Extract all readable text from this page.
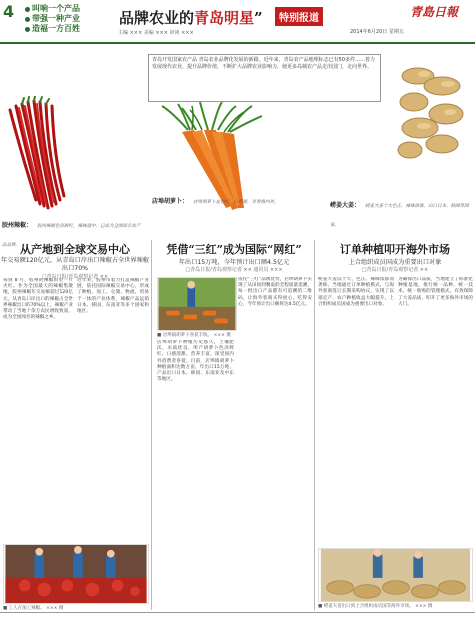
4 叫响一个产品
带强一种产业
造福一方百姓
品牌农业的青岛明星”	特别报道	青島日報
2014年6月20日 星期五
主编 ××× 美编 ××× 审读 ×××
青岛开发国家农产品 青岛农业品牌化发展的新路。近年来，青岛农产品地理标志已有50多件……着力发展现代农业，提升品牌价值，不断扩大品牌农业影响力，使更多岛城农产品走出国门，走向世界。
胶州辣椒： 胶州辣椒色泽鲜红，辣味适中，已成为全国知名农产品品牌。
店埠胡萝卜： 店埠胡萝卜皮色红、口感甜，享誉海内外。	崂姜大姜： 崂姜大姜个大色正、辣味浓郁，出口日本、韩国等国家。
从产地到全球交易中心
年交易额120亿元，从青岛口岸出口辣椒占全世界辣椒出口70%
□青岛日报/青岛观察记者 ××
凭借“三红”成为国际“网红”
年出口15万吨，今年预计出口额4.5亿元
□青岛日报/青岛观察记者 ×× 通讯员 ×××
订单种植叩开海外市场
上合组织成员国成为重要出口对象
□青岛日报/青岛观察记者 ××
每到 8 月，胶州的辣椒田里一片火红。作为全国最大的辣椒集散地，胶州辣椒年交易额超过120亿元，从青岛口岸出口的辣椒占全世界辣椒出口的70%以上。辣椒产业带动了当地十余万农民增收致富，成为全国闻名的辣椒之乡。
近年来，胶州市着力打造辣椒产业链，依托国际辣椒交易中心，形成了种植、加工、仓储、物流、贸易于一体的产业体系，辣椒产品远销日本、韩国、东南亚等多个国家和地区。
■ 工人在加工辣椒。 ××× 摄
■ 店埠镇胡萝卜喜获丰收。 ××× 摄
店埠胡萝卜种植历史悠久，土壤肥沃、水质优良，所产胡萝卜色泽鲜红、口感清甜、营养丰富，深受国内外消费者喜爱。目前，店埠镇胡萝卜种植面积达数万亩，年出口15万吨，产品出口日本、韩国、东南亚及中东等地区。
依托“三红”品牌优势，店埠胡萝卜实现了从田间到餐桌的全程质量追溯，每一批出口产品都有可追溯的二维码，让海外客商买得放心、吃得安心，今年预计出口额将达4.5亿元。
崂姜大姜以个大、色正、辣味浓郁而著称。当地通过订单种植模式，与海外客商签订长期采购协议，实现了以销定产，农户种植收益大幅提升，上合组织成员国成为重要出口对象。
为确保出口品质，当地建立了标准化种植基地，推行统一品种、统一技术、统一收购的管理模式，有效保障了大姜品质，叩开了更多海外市场的大门。
■ 崂姜大姜出口到上合组织成员国等海外市场。 ××× 摄
